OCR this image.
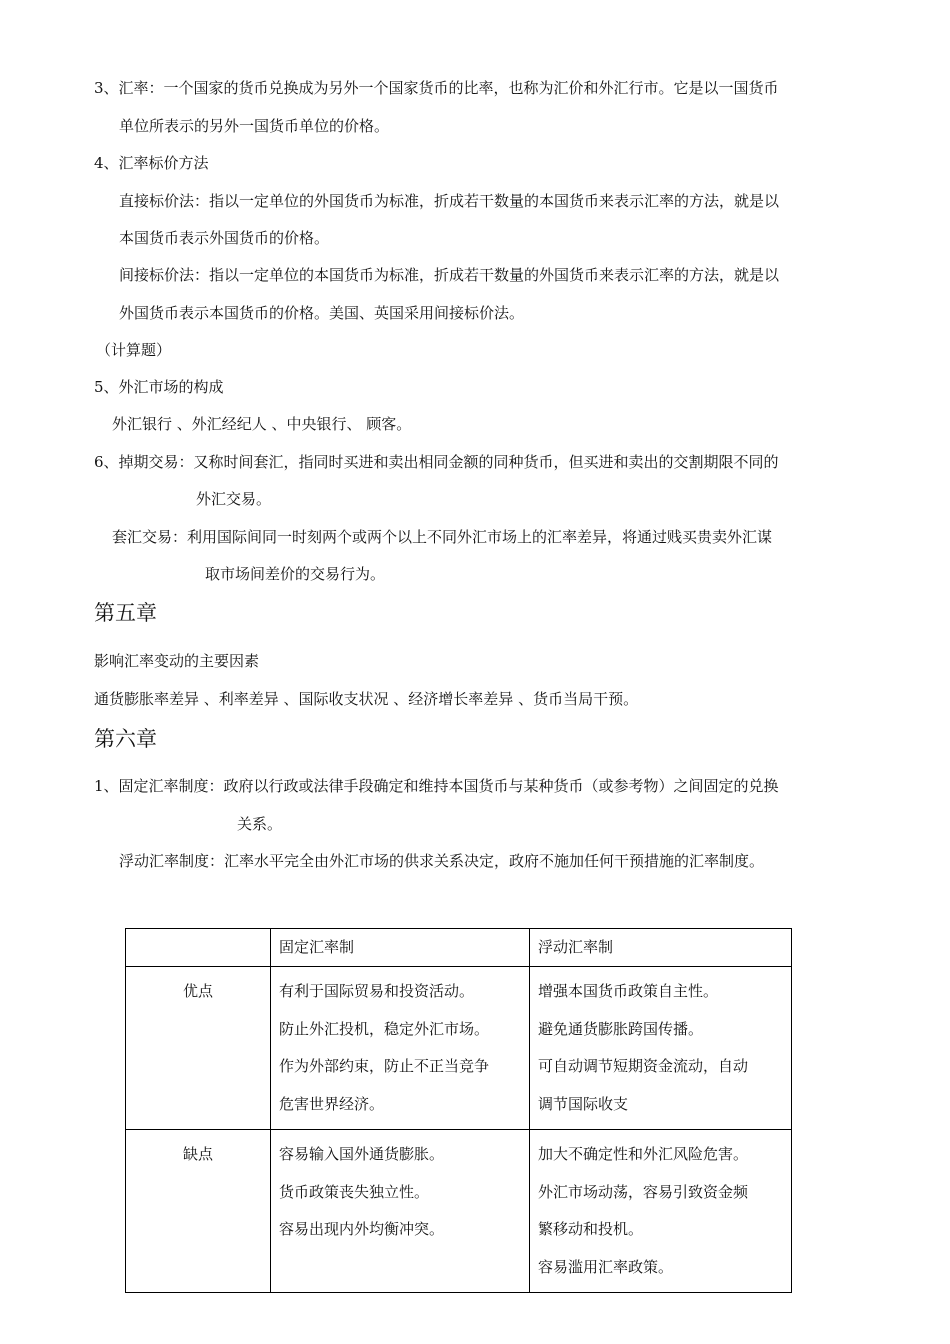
3、汇率：一个国家的货币兑换成为另外一个国家货币的比率，也称为汇价和外汇行市。它是以一国货币
单位所表示的另外一国货币单位的价格。
4、汇率标价方法
直接标价法：指以一定单位的外国货币为标准，折成若干数量的本国货币来表示汇率的方法，就是以
本国货币表示外国货币的价格。
间接标价法：指以一定单位的本国货币为标准，折成若干数量的外国货币来表示汇率的方法，就是以
外国货币表示本国货币的价格。美国、英国采用间接标价法。
（计算题）
5、外汇市场的构成
外汇银行 、外汇经纪人 、中央银行、 顾客。
6、掉期交易：又称时间套汇，指同时买进和卖出相同金额的同种货币，但买进和卖出的交割期限不同的
外汇交易。
套汇交易：利用国际间同一时刻两个或两个以上不同外汇市场上的汇率差异，将通过贱买贵卖外汇谋
取市场间差价的交易行为。
第五章
影响汇率变动的主要因素
通货膨胀率差异 、利率差异 、国际收支状况 、经济增长率差异 、货币当局干预。
第六章
1、固定汇率制度：政府以行政或法律手段确定和维持本国货币与某种货币（或参考物）之间固定的兑换
关系。
浮动汇率制度：汇率水平完全由外汇市场的供求关系决定，政府不施加任何干预措施的汇率制度。
	固定汇率制	浮动汇率制

优点	有利于国际贸易和投资活动。
防止外汇投机，稳定外汇市场。
作为外部约束，防止不正当竞争
危害世界经济。	增强本国货币政策自主性。
避免通货膨胀跨国传播。
可自动调节短期资金流动，自动
调节国际收支

缺点	容易输入国外通货膨胀。
货币政策丧失独立性。
容易出现内外均衡冲突。	加大不确定性和外汇风险危害。
外汇市场动荡，容易引致资金频
繁移动和投机。
容易滥用汇率政策。
